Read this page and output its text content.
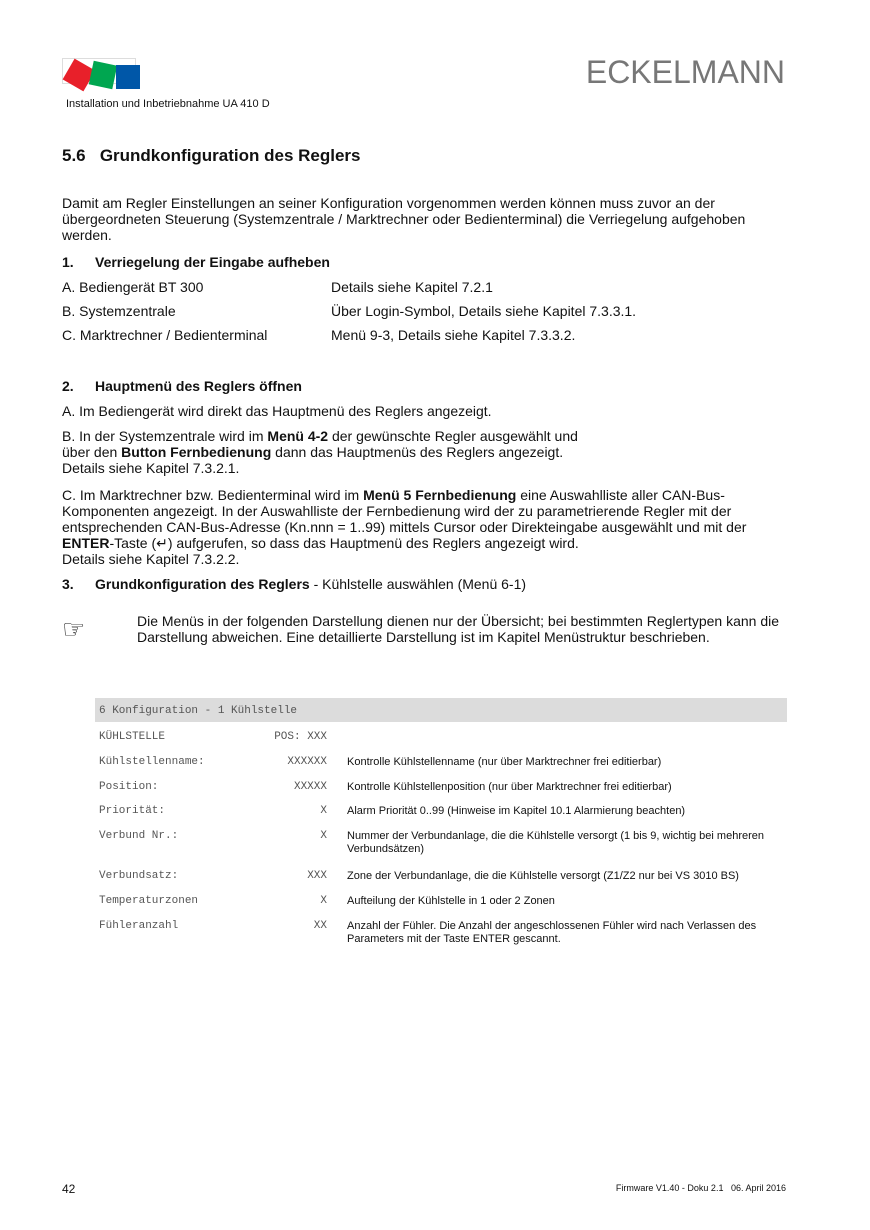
ECKELMANN
Installation und Inbetriebnahme UA 410 D
5.6 Grundkonfiguration des Reglers

Damit am Regler Einstellungen an seiner Konfiguration vorgenommen werden können muss zuvor an der übergeordneten Steuerung (Systemzentrale / Marktrechner oder Bedienterminal) die Verriegelung aufgehoben werden.

1. Verriegelung der Eingabe aufheben

A. Bediengerät BT 300	Details siehe Kapitel 7.2.1

B. Systemzentrale	Über Login-Symbol, Details siehe Kapitel 7.3.3.1.

C. Marktrechner / Bedienterminal	Menü 9-3, Details siehe Kapitel 7.3.3.2.

2. Hauptmenü des Reglers öffnen

A. Im Bediengerät wird direkt das Hauptmenü des Reglers angezeigt.

B. In der Systemzentrale wird im Menü 4-2 der gewünschte Regler ausgewählt und
über den Button Fernbedienung dann das Hauptmenüs des Reglers angezeigt.
Details siehe Kapitel 7.3.2.1.

C. Im Marktrechner bzw. Bedienterminal wird im Menü 5 Fernbedienung eine Auswahlliste aller CAN-Bus-Komponenten angezeigt. In der Auswahlliste der Fernbedienung wird der zu parametrierende Regler mit der entsprechenden CAN-Bus-Adresse (Kn.nnn = 1..99) mittels Cursor oder Direkteingabe ausgewählt und mit der ENTER-Taste (↵) aufgerufen, so dass das Hauptmenü des Reglers angezeigt wird.
Details siehe Kapitel 7.3.2.2.

3. Grundkonfiguration des Reglers - Kühlstelle auswählen (Menü 6-1)

☞	Die Menüs in der folgenden Darstellung dienen nur der Übersicht; bei bestimmten Reglertypen kann die Darstellung abweichen. Eine detaillierte Darstellung ist im Kapitel Menüstruktur beschrieben.

6 Konfiguration - 1 Kühlstelle
KÜHLSTELLE	POS: XXX
Kühlstellenname:	XXXXXX Kontrolle Kühlstellenname (nur über Marktrechner frei editierbar)
Position:	XXXXX Kontrolle Kühlstellenposition (nur über Marktrechner frei editierbar)
Priorität:	X Alarm Priorität 0..99 (Hinweise im Kapitel 10.1 Alarmierung beachten)
Verbund Nr.:	X Nummer der Verbundanlage, die die Kühlstelle versorgt (1 bis 9, wichtig bei mehreren Verbundsätzen)
Verbundsatz:	XXX Zone der Verbundanlage, die die Kühlstelle versorgt (Z1/Z2 nur bei VS 3010 BS)
Temperaturzonen	X Aufteilung der Kühlstelle in 1 oder 2 Zonen
Fühleranzahl	XX Anzahl der Fühler. Die Anzahl der angeschlossenen Fühler wird nach Verlassen des Parameters mit der Taste ENTER gescannt.
42	Firmware V1.40 - Doku 2.1   06. April 2016
